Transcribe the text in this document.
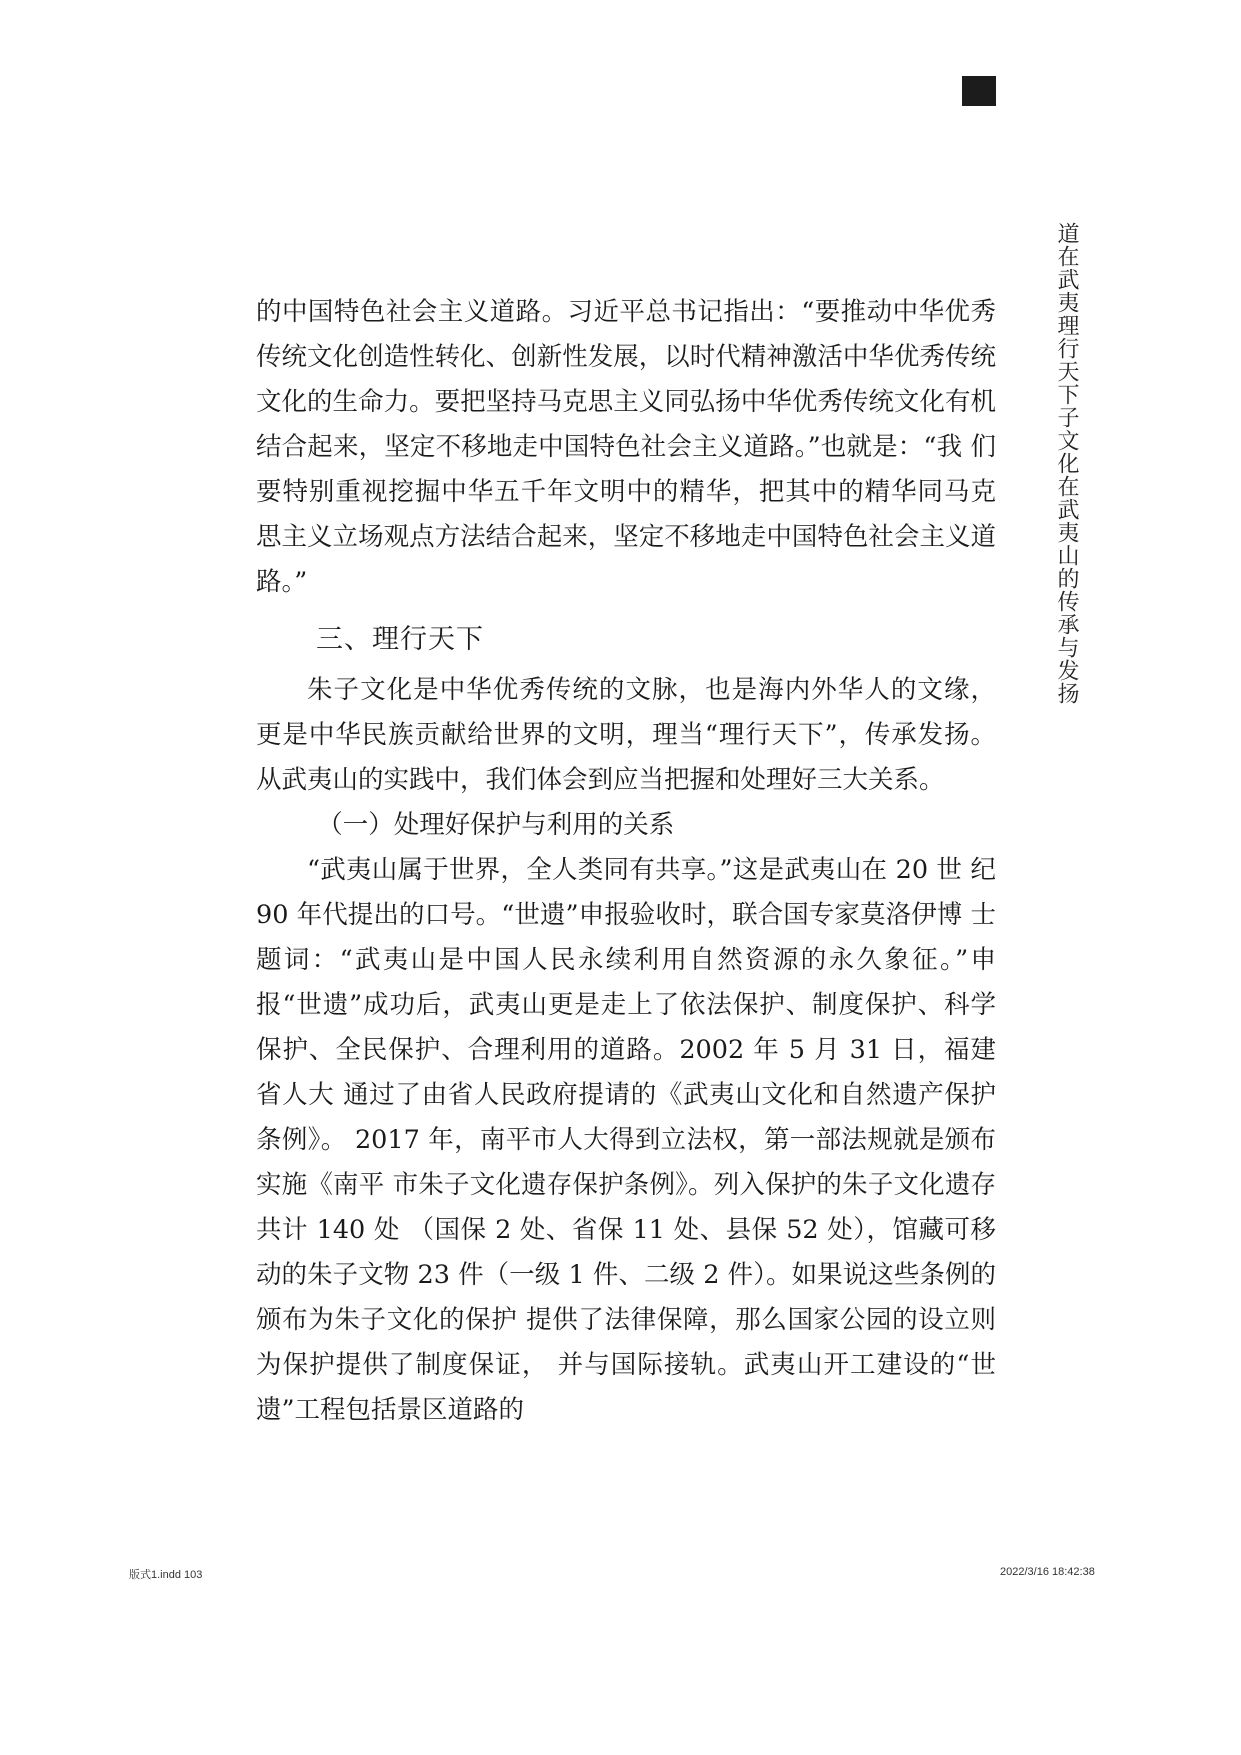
道在武夷理行天下子文化在武夷山的传承与发扬

的中国特色社会主义道路。习近平总书记指出：“要推动中华优秀 传统文化创造性转化、创新性发展，以时代精神激活中华优秀传统 文化的生命力。要把坚持马克思主义同弘扬中华优秀传统文化有机 结合起来，坚定不移地走中国特色社会主义道路。”也就是：“我 们要特别重视挖掘中华五千年文明中的精华，把其中的精华同马克 思主义立场观点方法结合起来，坚定不移地走中国特色社会主义道 路。”

三、理行天下

朱子文化是中华优秀传统的文脉，也是海内外华人的文缘， 更是中华民族贡献给世界的文明，理当“理行天下”，传承发扬。 从武夷山的实践中，我们体会到应当把握和处理好三大关系。

（一）处理好保护与利用的关系

“武夷山属于世界，全人类同有共享。”这是武夷山在 20 世 纪 90 年代提出的口号。“世遗”申报验收时，联合国专家莫洛伊博 士题词：“武夷山是中国人民永续利用自然资源的永久象征。”申 报“世遗”成功后，武夷山更是走上了依法保护、制度保护、科学 保护、全民保护、合理利用的道路。2002 年 5 月 31 日，福建省人大 通过了由省人民政府提请的《武夷山文化和自然遗产保护条例》。 2017 年，南平市人大得到立法权，第一部法规就是颁布实施《南平 市朱子文化遗存保护条例》。列入保护的朱子文化遗存共计 140 处 （国保 2 处、省保 11 处、县保 52 处），馆藏可移动的朱子文物 23 件（一级 1 件、二级 2 件）。如果说这些条例的颁布为朱子文化的保护 提供了法律保障，那么国家公园的设立则为保护提供了制度保证， 并与国际接轨。武夷山开工建设的“世遗”工程包括景区道路的

版式1.indd 103	2022/3/16 18:42:38
